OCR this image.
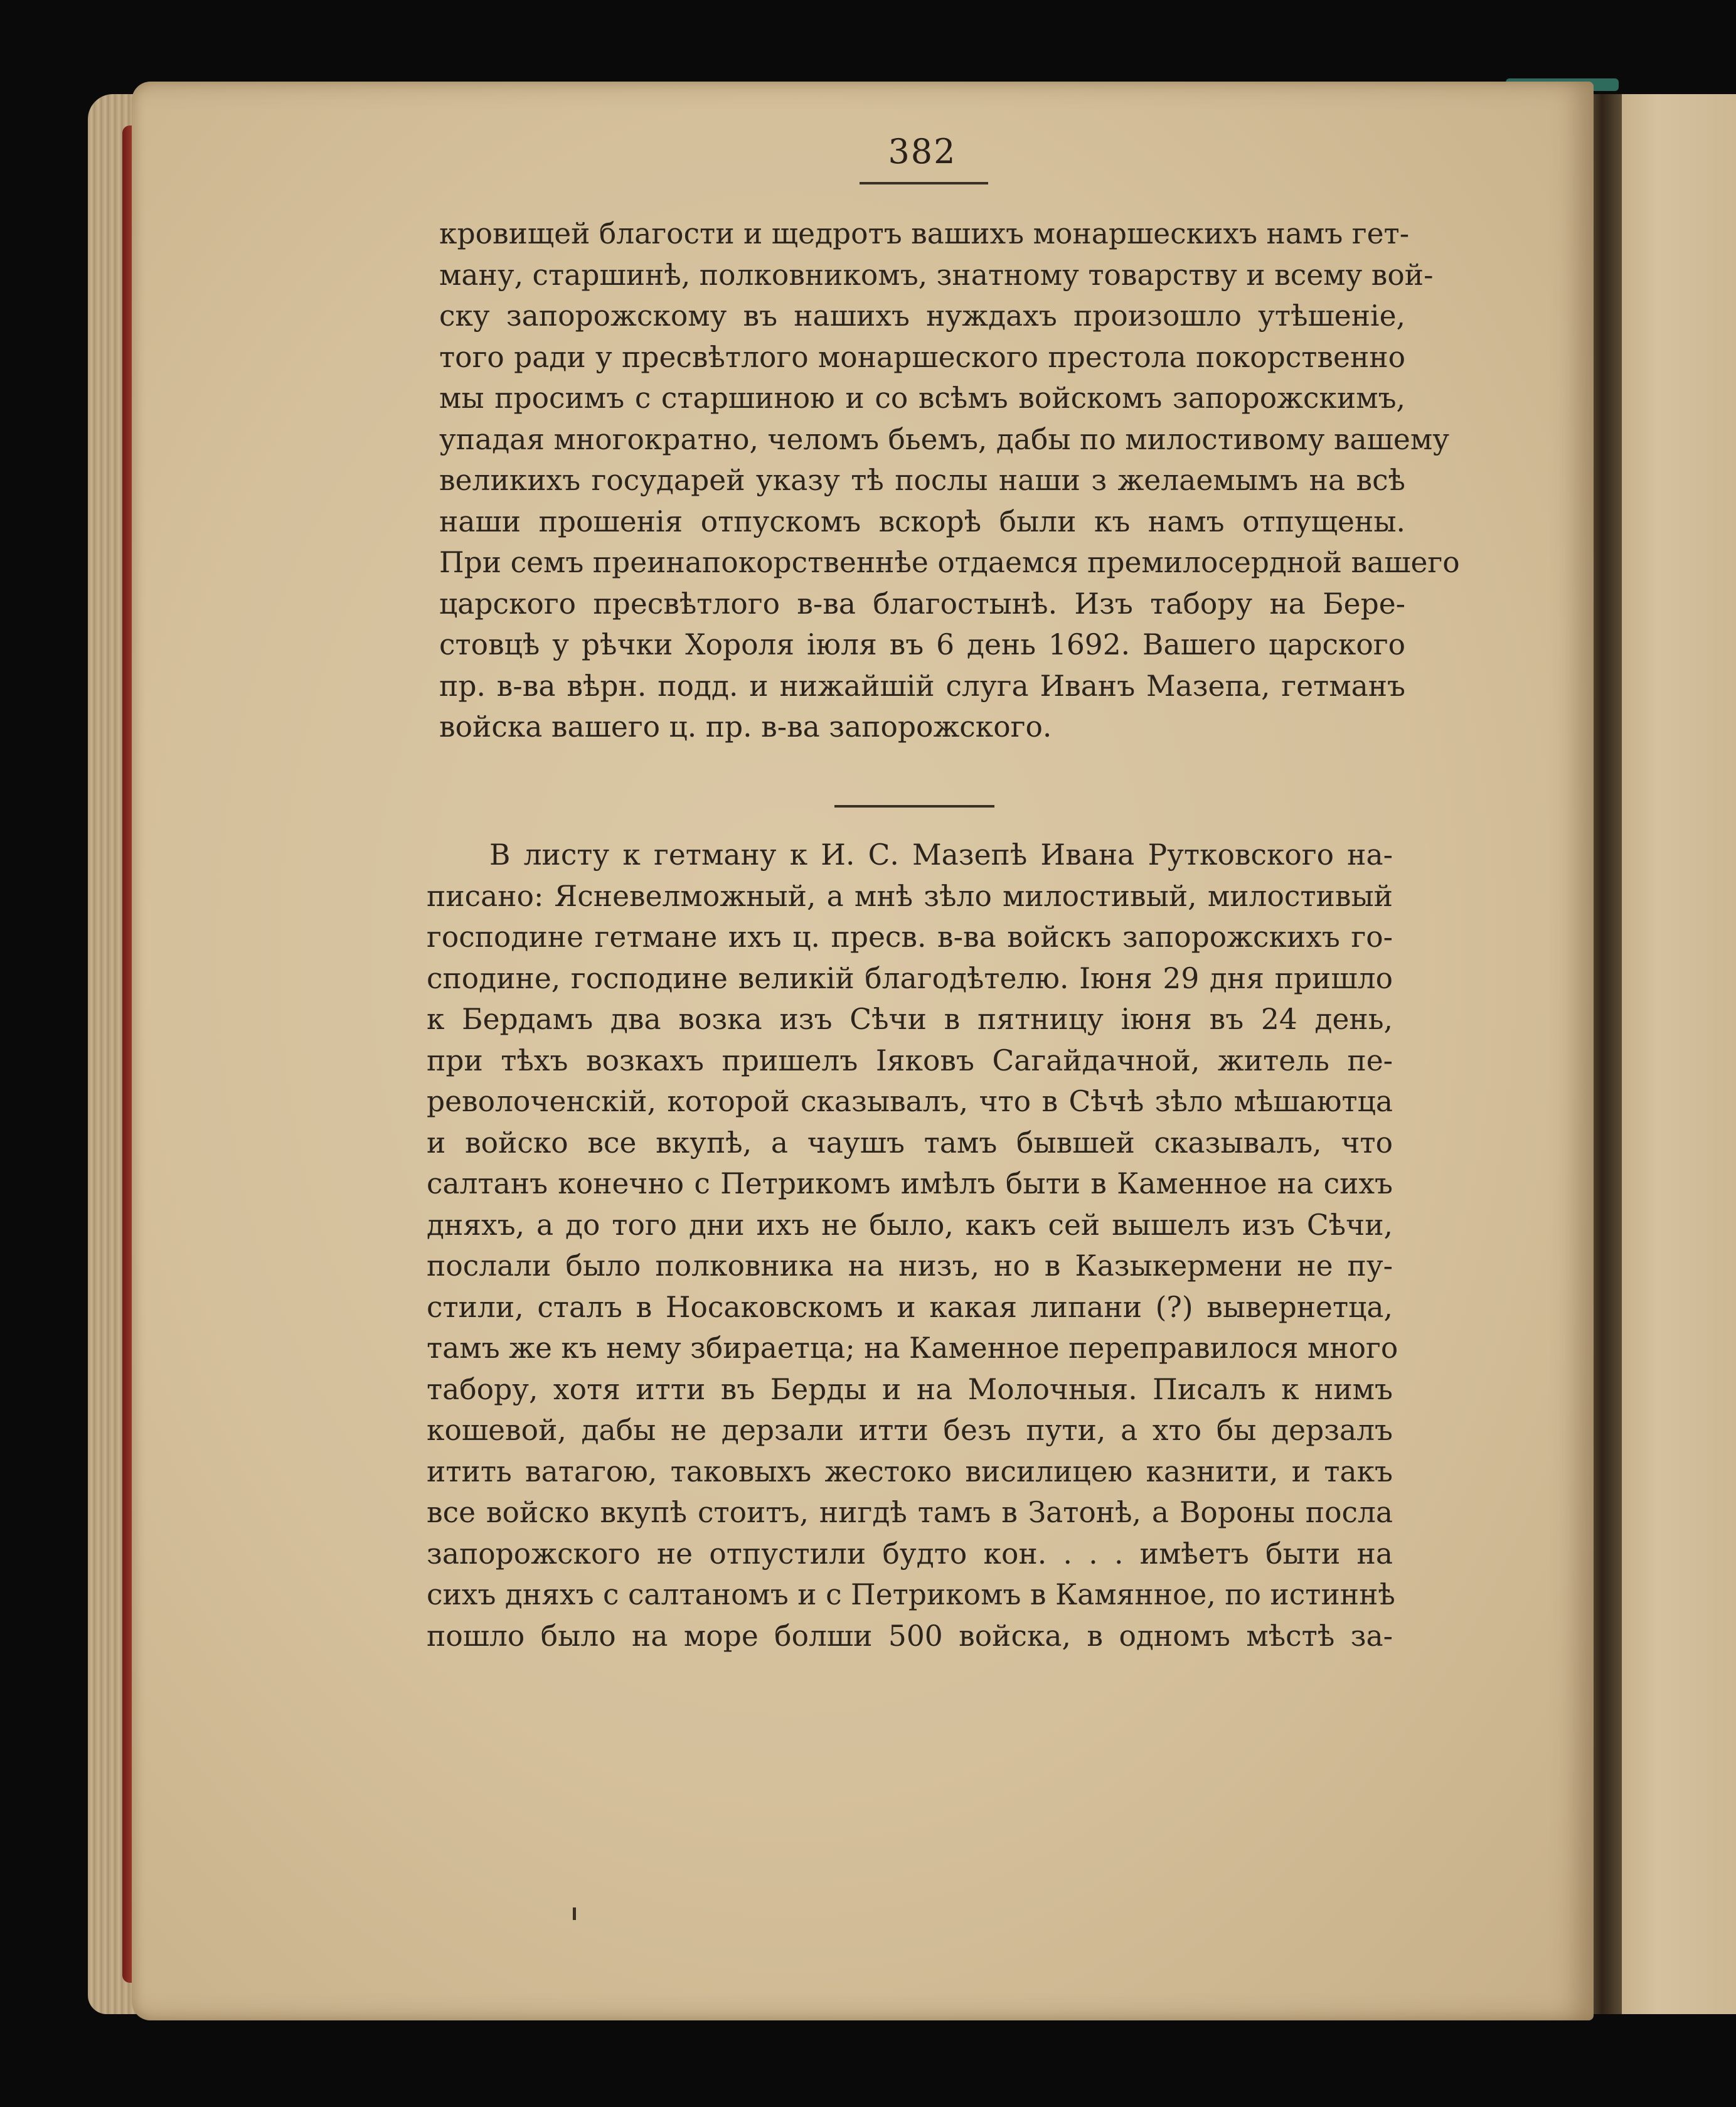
382
кровищей благости и щедротъ вашихъ монаршескихъ намъ гет-
ману, старшинѣ, полковникомъ, знатному товарству и всему вой-
ску запорожскому въ нашихъ нуждахъ произошло утѣшеніе,
того ради у пресвѣтлого монаршеского престола покорственно
мы просимъ с старшиною и со всѣмъ войскомъ запорожскимъ,
упадая многократно, челомъ бьемъ, дабы по милостивому вашему
великихъ государей указу тѣ послы наши з желаемымъ на всѣ
наши прошенія отпускомъ вскорѣ были къ намъ отпущены.
При семъ преинапокорственнѣе отдаемся премилосердной вашего
царского пресвѣтлого в-ва благостынѣ. Изъ табору на Бере-
стовцѣ у рѣчки Хороля іюля въ 6 день 1692. Вашего царского
пр. в-ва вѣрн. подд. и нижайшій слуга Иванъ Мазепа, гетманъ
войска вашего ц. пр. в-ва запорожского.
В листу к гетману к И. С. Мазепѣ Ивана Рутковского на-
писано: Ясневелможный, а мнѣ зѣло милостивый, милостивый
господине гетмане ихъ ц. пресв. в-ва войскъ запорожскихъ го-
сподине, господине великій благодѣтелю. Іюня 29 дня пришло
к Бердамъ два возка изъ Сѣчи в пятницу іюня въ 24 день,
при тѣхъ возкахъ пришелъ Іяковъ Сагайдачной, житель пе-
револоченскій, которой сказывалъ, что в Сѣчѣ зѣло мѣшаютца
и войско все вкупѣ, а чаушъ тамъ бывшей сказывалъ, что
салтанъ конечно с Петрикомъ имѣлъ быти в Каменное на сихъ
дняхъ, а до того дни ихъ не было, какъ сей вышелъ изъ Сѣчи,
послали было полковника на низъ, но в Казыкермени не пу-
стили, сталъ в Носаковскомъ и какая липани (?) вывернетца,
тамъ же къ нему збираетца; на Каменное переправилося много
табору, хотя итти въ Берды и на Молочныя. Писалъ к нимъ
кошевой, дабы не дерзали итти безъ пути, а хто бы дерзалъ
итить ватагою, таковыхъ жестоко висилицею казнити, и такъ
все войско вкупѣ стоитъ, нигдѣ тамъ в Затонѣ, а Вороны посла
запорожского не отпустили будто кон. . . . имѣетъ быти на
сихъ дняхъ с салтаномъ и с Петрикомъ в Камянное, по истиннѣ
пошло было на море болши 500 войска, в одномъ мѣстѣ за-
